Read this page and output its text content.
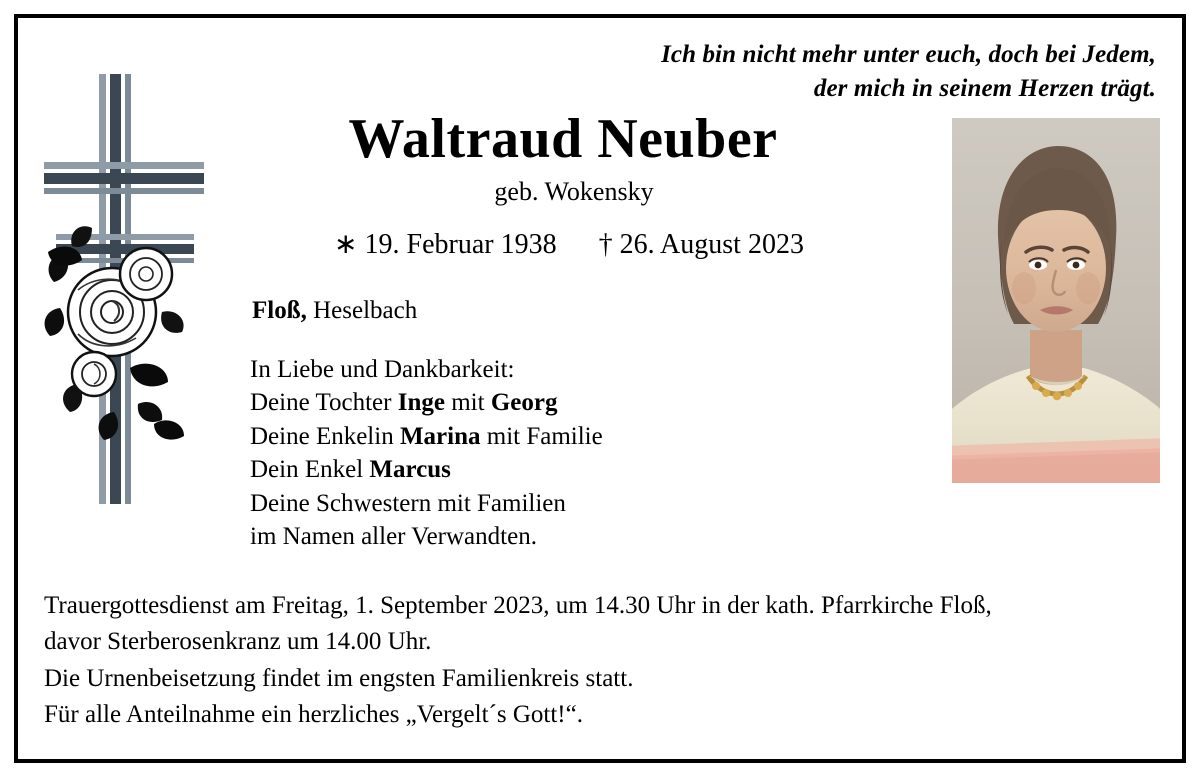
Ich bin nicht mehr unter euch, doch bei Jedem,
der mich in seinem Herzen trägt.
Waltraud Neuber
geb. Wokensky
∗ 19. Februar 1938 † 26. August 2023
Floß, Heselbach
In Liebe und Dankbarkeit:
Deine Tochter Inge mit Georg
Deine Enkelin Marina mit Familie
Dein Enkel Marcus
Deine Schwestern mit Familien
im Namen aller Verwandten.
Trauergottesdienst am Freitag, 1. September 2023, um 14.30 Uhr in der kath. Pfarrkirche Floß,
davor Sterberosenkranz um 14.00 Uhr.
Die Urnenbeisetzung findet im engsten Familienkreis statt.
Für alle Anteilnahme ein herzliches „Vergelt´s Gott!“.
